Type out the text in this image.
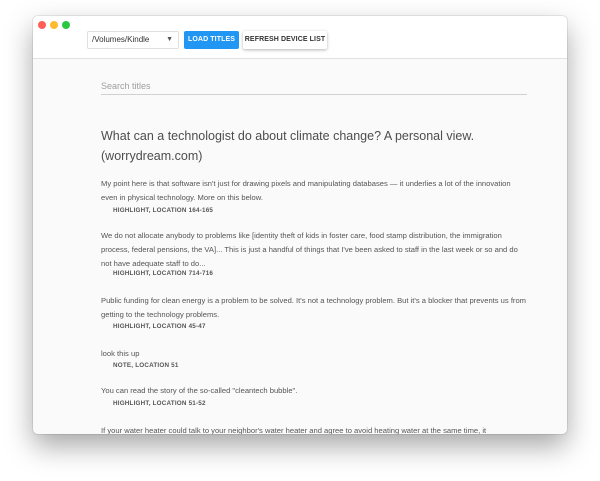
/Volumes/Kindle ▼	LOAD TITLES	REFRESH DEVICE LIST
Search titles
What can a technologist do about climate change? A personal view. (worrydream.com)
My point here is that software isn't just for drawing pixels and manipulating databases — it underlies a lot of the innovation even in physical technology. More on this below.
HIGHLIGHT, LOCATION 164-165
We do not allocate anybody to problems like [identity theft of kids in foster care, food stamp distribution, the immigration process, federal pensions, the VA]... This is just a handful of things that I've been asked to staff in the last week or so and do not have adequate staff to do...
HIGHLIGHT, LOCATION 714-716
Public funding for clean energy is a problem to be solved. It's not a technology problem. But it's a blocker that prevents us from getting to the technology problems.
HIGHLIGHT, LOCATION 45-47
look this up
NOTE, LOCATION 51
You can read the story of the so-called "cleantech bubble".
HIGHLIGHT, LOCATION 51-52
If your water heater could talk to your neighbor's water heater and agree to avoid heating water at the same time, it
